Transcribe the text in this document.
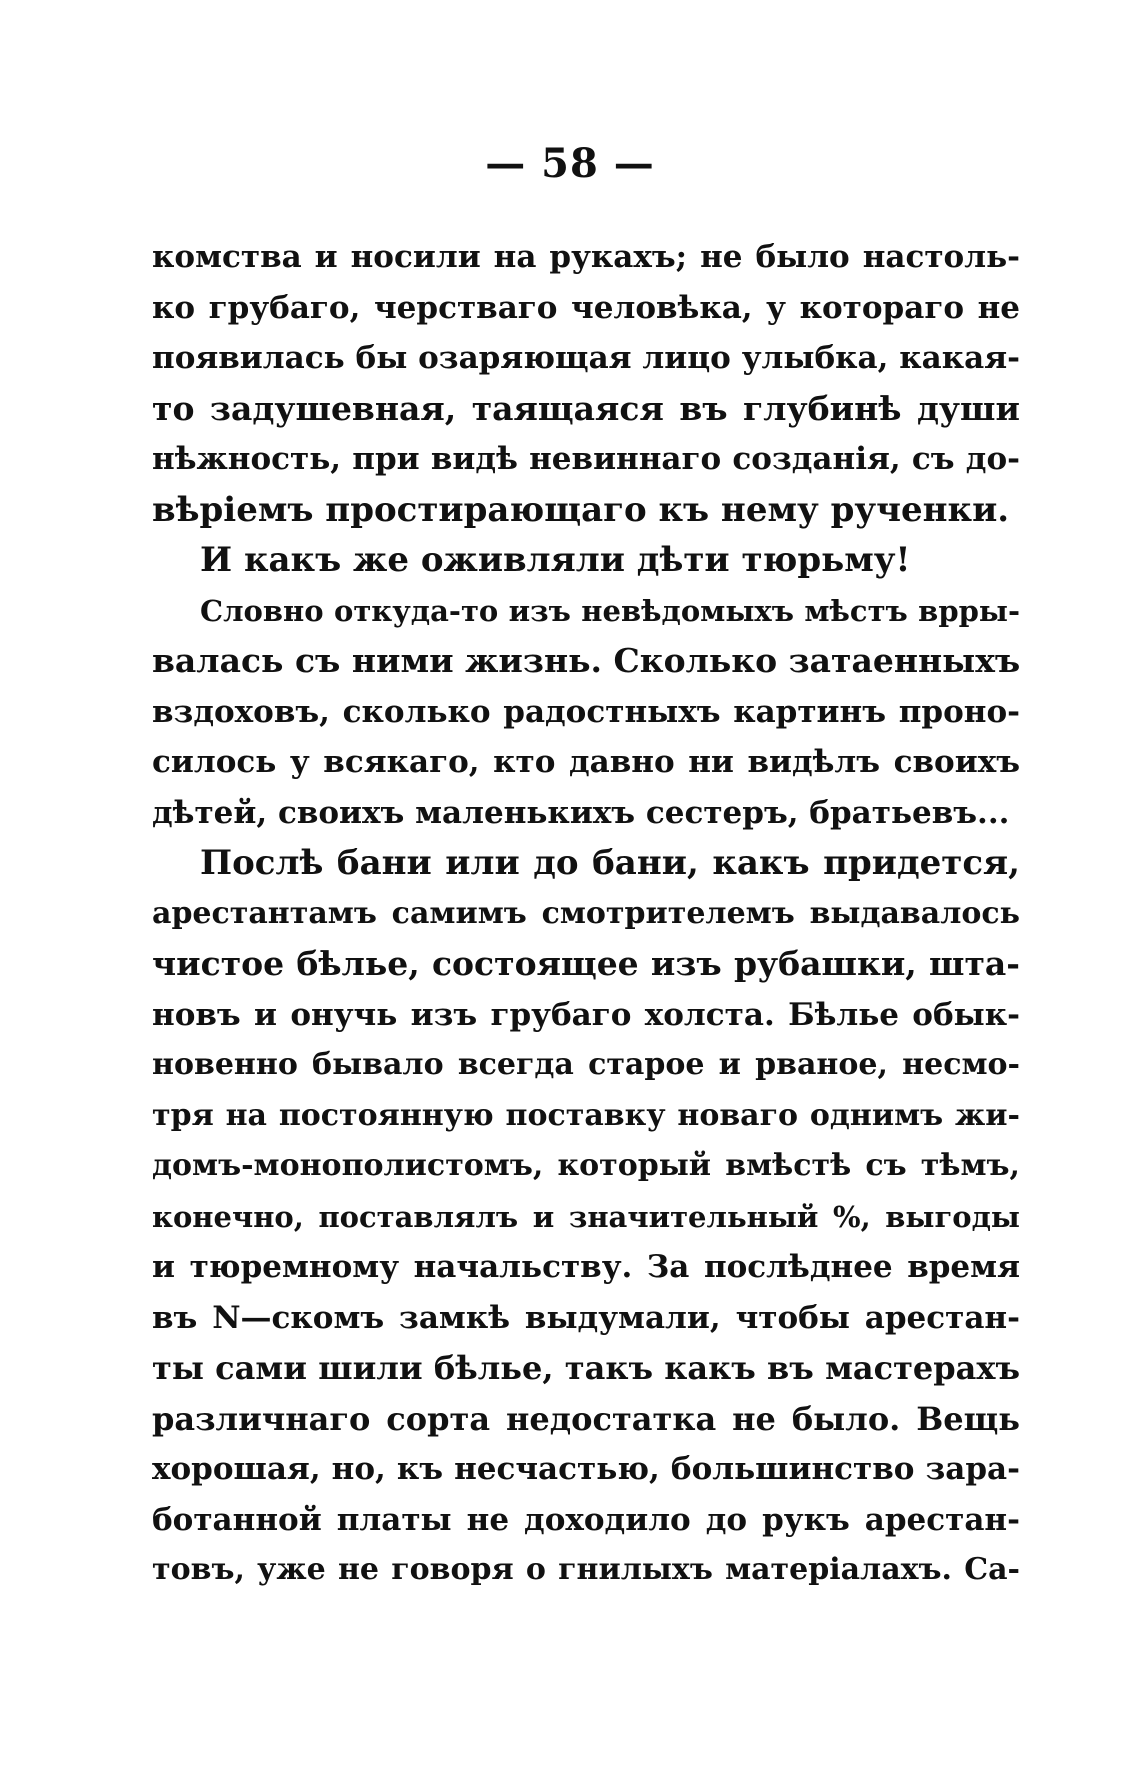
— 58 —
комства и носили на рукахъ; не было настоль-
ко грубаго, черстваго человѣка, у котораго не
появилась бы озаряющая лицо улыбка, какая-
то задушевная, таящаяся въ глубинѣ души
нѣжность, при видѣ невиннаго созданія, съ до-
вѣріемъ простирающаго къ нему рученки.
И какъ же оживляли дѣти тюрьму!
Словно откуда-то изъ невѣдомыхъ мѣстъ врры-
валась съ ними жизнь. Сколько затаенныхъ
вздоховъ, сколько радостныхъ картинъ проно-
силось у всякаго, кто давно ни видѣлъ своихъ
дѣтей, своихъ маленькихъ сестеръ, братьевъ...
Послѣ бани или до бани, какъ придется,
арестантамъ самимъ смотрителемъ выдавалось
чистое бѣлье, состоящее изъ рубашки, шта-
новъ и онучь изъ грубаго холста. Бѣлье обык-
новенно бывало всегда старое и рваное, несмо-
тря на постоянную поставку новаго однимъ жи-
домъ-монополистомъ, который вмѣстѣ съ тѣмъ,
конечно, поставлялъ и значительный %, выгоды
и тюремному начальству. За послѣднее время
въ N—скомъ замкѣ выдумали, чтобы арестан-
ты сами шили бѣлье, такъ какъ въ мастерахъ
различнаго сорта недостатка не было. Вещь
хорошая, но, къ несчастью, большинство зара-
ботанной платы не доходило до рукъ арестан-
товъ, уже не говоря о гнилыхъ матеріалахъ. Са-
